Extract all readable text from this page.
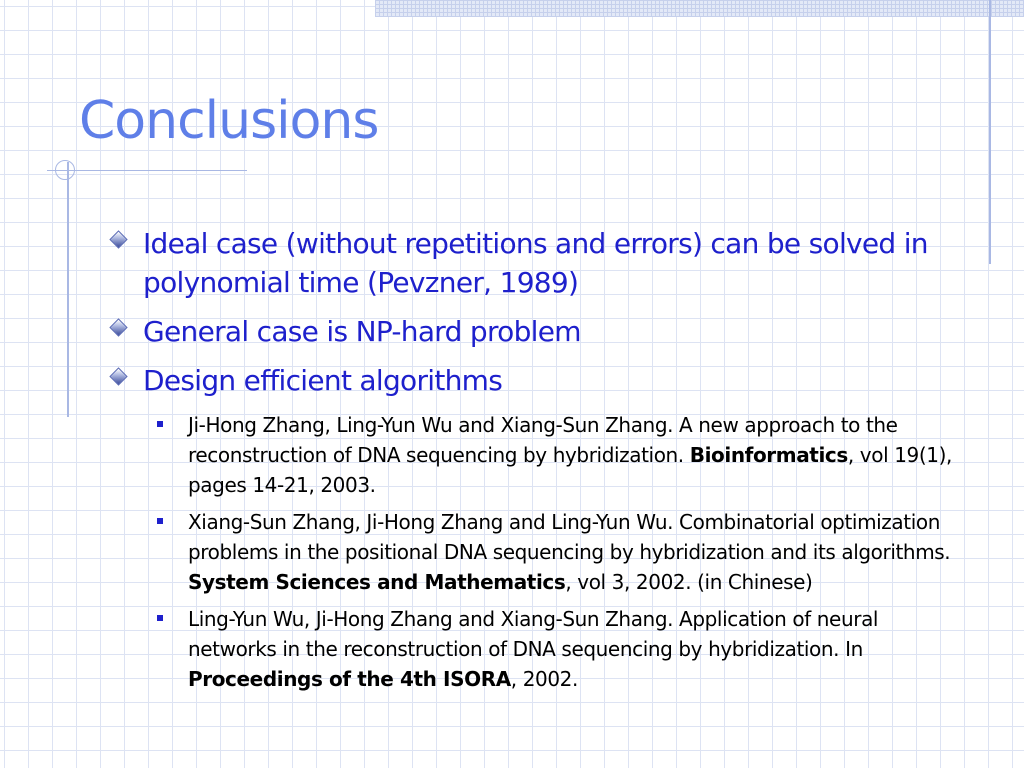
Conclusions
Ideal case (without repetitions and errors) can be solved in polynomial time (Pevzner, 1989)
General case is NP-hard problem
Design efficient algorithms
Ji-Hong Zhang, Ling-Yun Wu and Xiang-Sun Zhang. A new approach to the reconstruction of DNA sequencing by hybridization. Bioinformatics, vol 19(1), pages 14-21, 2003.
Xiang-Sun Zhang, Ji-Hong Zhang and Ling-Yun Wu. Combinatorial optimization problems in the positional DNA sequencing by hybridization and its algorithms. System Sciences and Mathematics, vol 3, 2002. (in Chinese)
Ling-Yun Wu, Ji-Hong Zhang and Xiang-Sun Zhang. Application of neural networks in the reconstruction of DNA sequencing by hybridization. In Proceedings of the 4th ISORA, 2002.
